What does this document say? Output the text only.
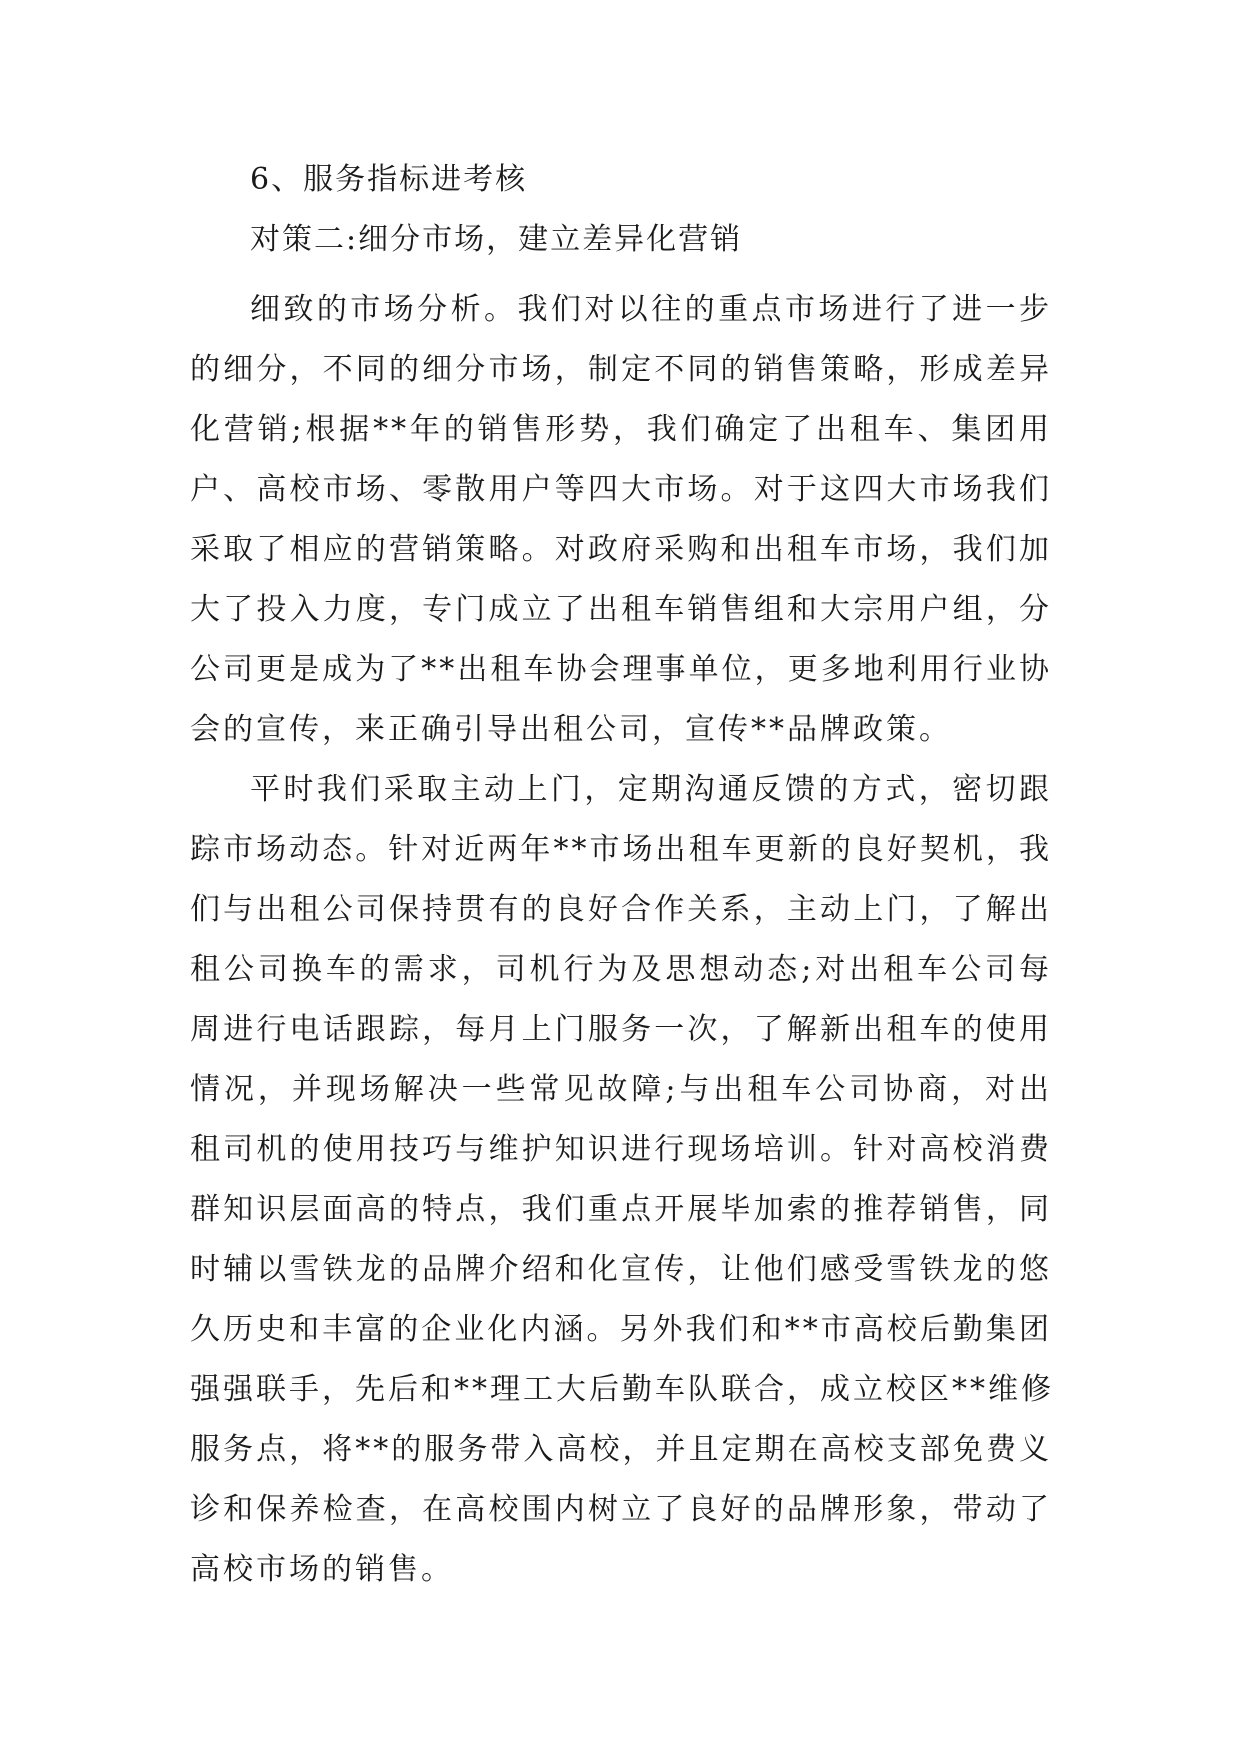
6、服务指标进考核

对策二:细分市场，建立差异化营销

细致的市场分析。我们对以往的重点市场进行了进一步
的细分，不同的细分市场，制定不同的销售策略，形成差异
化营销;根据**年的销售形势，我们确定了出租车、集团用
户、高校市场、零散用户等四大市场。对于这四大市场我们
采取了相应的营销策略。对政府采购和出租车市场，我们加
大了投入力度，专门成立了出租车销售组和大宗用户组，分
公司更是成为了**出租车协会理事单位，更多地利用行业协
会的宣传，来正确引导出租公司，宣传**品牌政策。
平时我们采取主动上门，定期沟通反馈的方式，密切跟
踪市场动态。针对近两年**市场出租车更新的良好契机，我
们与出租公司保持贯有的良好合作关系，主动上门，了解出
租公司换车的需求，司机行为及思想动态;对出租车公司每
周进行电话跟踪，每月上门服务一次，了解新出租车的使用
情况，并现场解决一些常见故障;与出租车公司协商，对出
租司机的使用技巧与维护知识进行现场培训。针对高校消费
群知识层面高的特点，我们重点开展毕加索的推荐销售，同
时辅以雪铁龙的品牌介绍和化宣传，让他们感受雪铁龙的悠
久历史和丰富的企业化内涵。另外我们和**市高校后勤集团
强强联手，先后和**理工大后勤车队联合，成立校区**维修
服务点，将**的服务带入高校，并且定期在高校支部免费义
诊和保养检查，在高校围内树立了良好的品牌形象，带动了
高校市场的销售。
